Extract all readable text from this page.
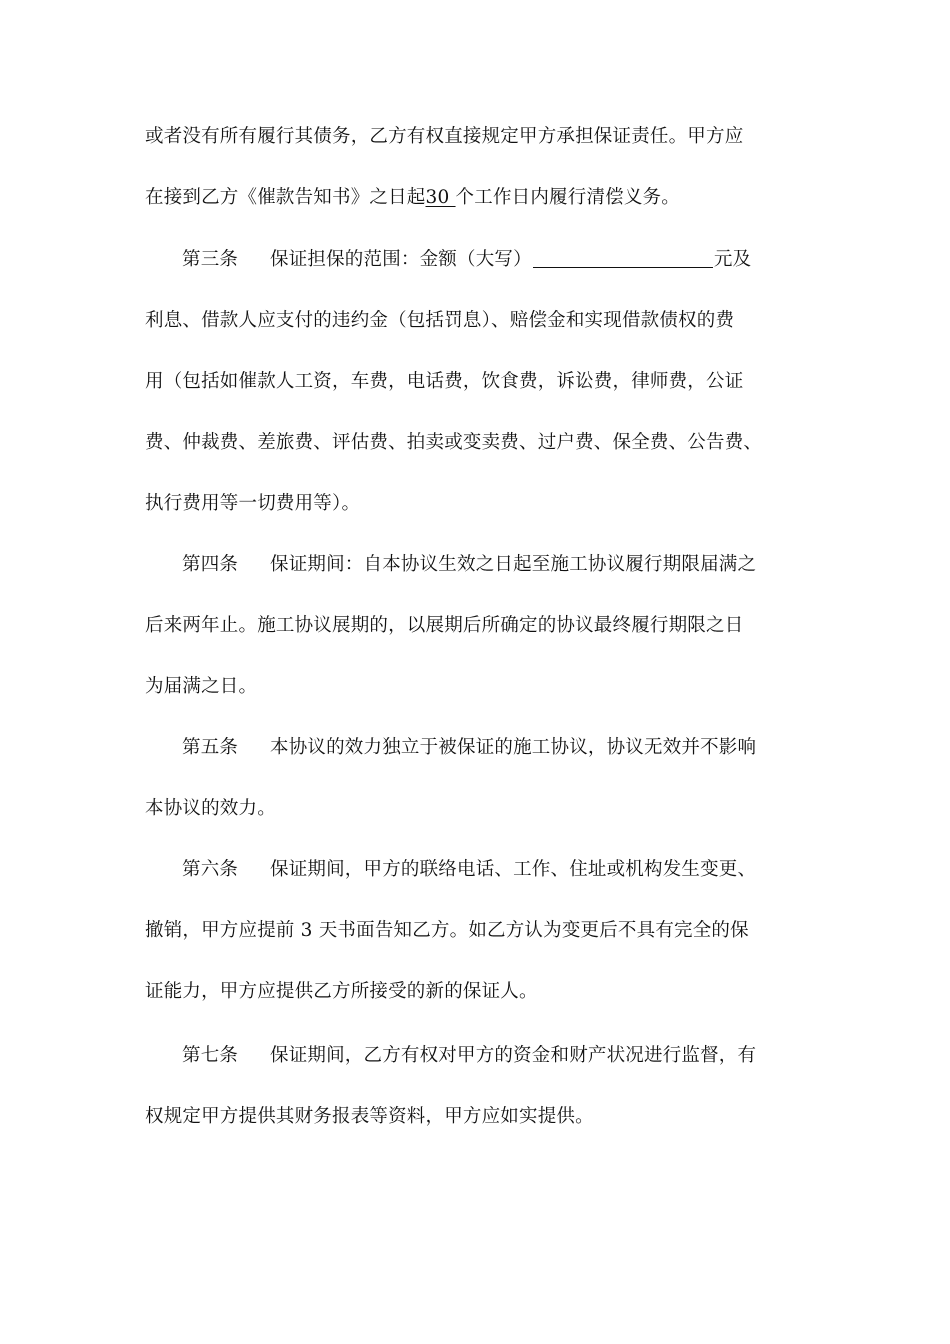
或者没有所有履行其债务，乙方有权直接规定甲方承担保证责任。甲方应
在接到乙方《催款告知书》之日起30 个工作日内履行清偿义务。
第三条 保证担保的范围：金额（大写）	元及
利息、借款人应支付的违约金（包括罚息）、赔偿金和实现借款债权的费
用（包括如催款人工资，车费，电话费，饮食费，诉讼费，律师费，公证
费、仲裁费、差旅费、评估费、拍卖或变卖费、过户费、保全费、公告费、
执行费用等一切费用等）。
第四条 保证期间：自本协议生效之日起至施工协议履行期限届满之
后来两年止。施工协议展期的，以展期后所确定的协议最终履行期限之日
为届满之日。
第五条 本协议的效力独立于被保证的施工协议，协议无效并不影响
本协议的效力。
第六条 保证期间，甲方的联络电话、工作、住址或机构发生变更、
撤销，甲方应提前 3 天书面告知乙方。如乙方认为变更后不具有完全的保
证能力，甲方应提供乙方所接受的新的保证人。
第七条 保证期间，乙方有权对甲方的资金和财产状况进行监督，有
权规定甲方提供其财务报表等资料，甲方应如实提供。
